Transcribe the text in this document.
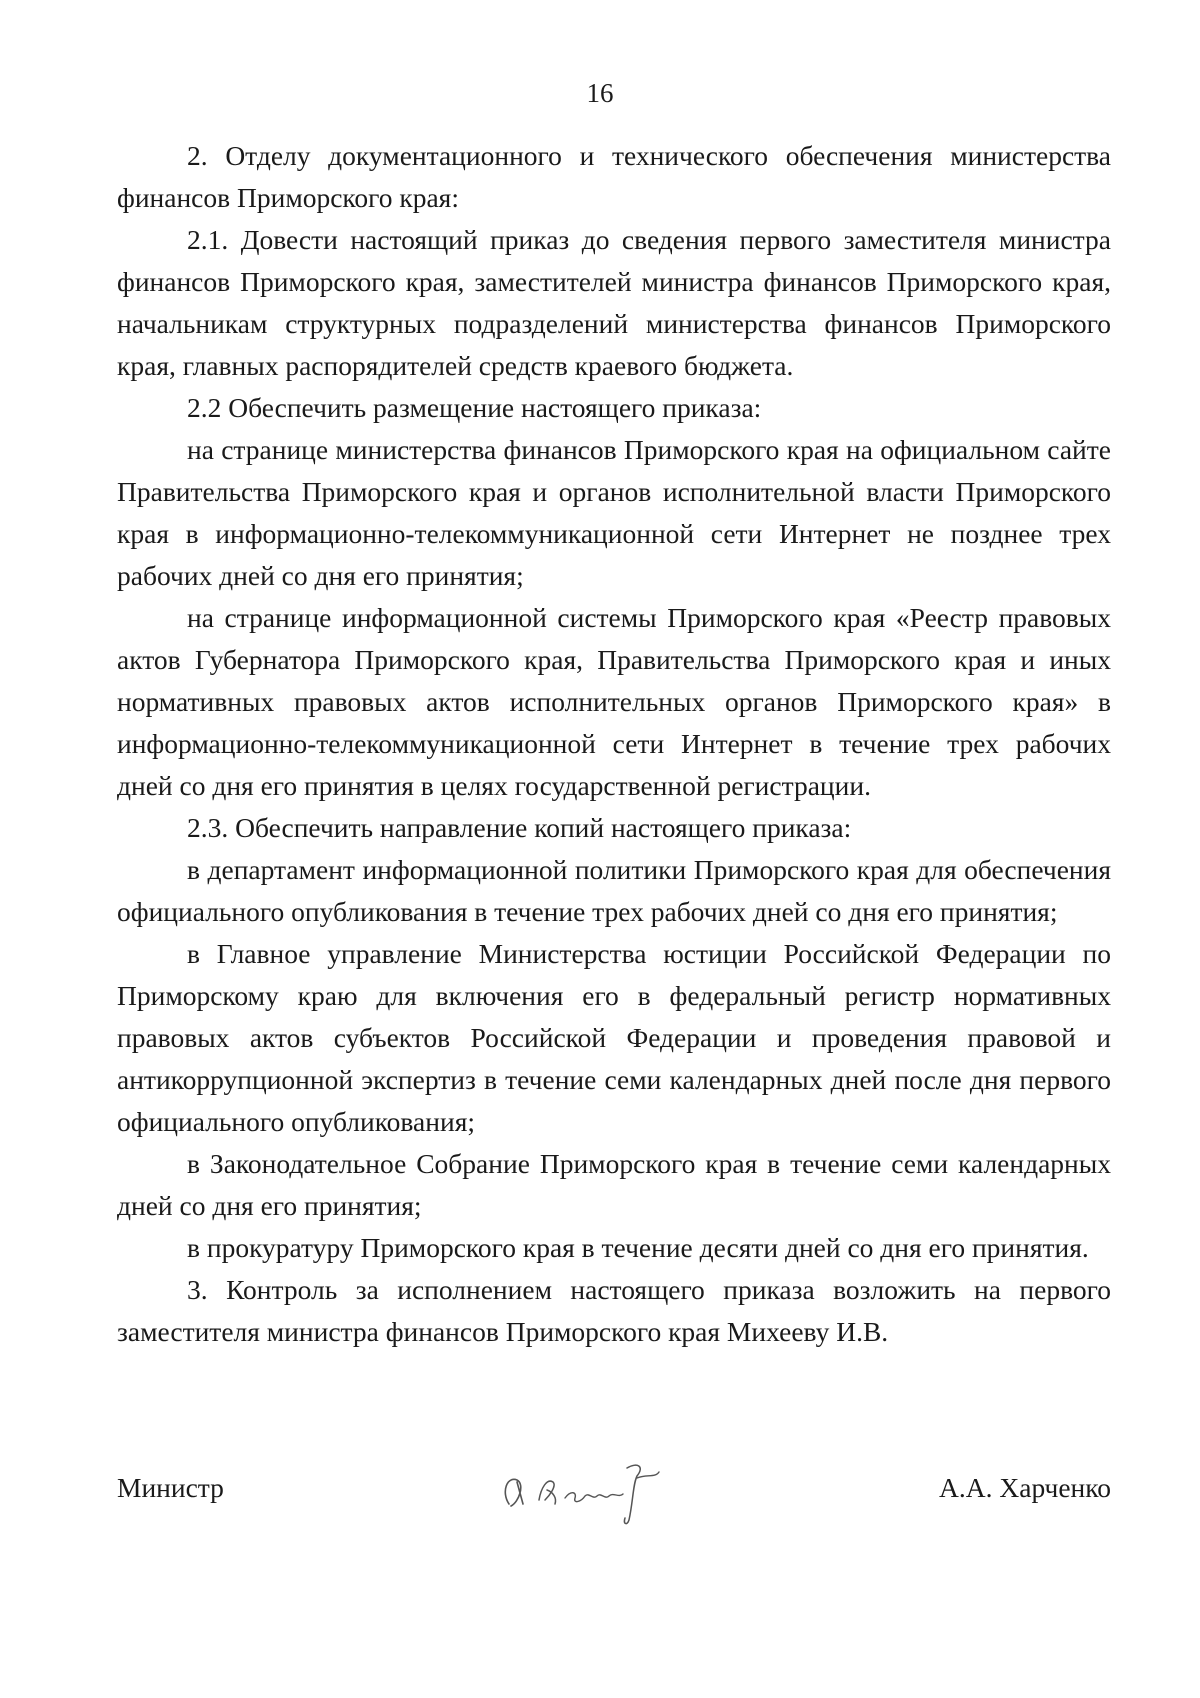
16

2. Отделу документационного и технического обеспечения министерства финансов Приморского края:

2.1. Довести настоящий приказ до сведения первого заместителя министра финансов Приморского края, заместителей министра финансов Приморского края, начальникам структурных подразделений министерства финансов Приморского края, главных распорядителей средств краевого бюджета.

2.2 Обеспечить размещение настоящего приказа:

на странице министерства финансов Приморского края на официальном сайте Правительства Приморского края и органов исполнительной власти Приморского края в информационно-телекоммуникационной сети Интернет не позднее трех рабочих дней со дня его принятия;

на странице информационной системы Приморского края «Реестр правовых актов Губернатора Приморского края, Правительства Приморского края и иных нормативных правовых актов исполнительных органов Приморского края» в информационно-телекоммуникационной сети Интернет в течение трех рабочих дней со дня его принятия в целях государственной регистрации.

2.3. Обеспечить направление копий настоящего приказа:

в департамент информационной политики Приморского края для обеспечения официального опубликования в течение трех рабочих дней со дня его принятия;

в Главное управление Министерства юстиции Российской Федерации по Приморскому краю для включения его в федеральный регистр нормативных правовых актов субъектов Российской Федерации и проведения правовой и антикоррупционной экспертиз в течение семи календарных дней после дня первого официального опубликования;

в Законодательное Собрание Приморского края в течение семи календарных дней со дня его принятия;

в прокуратуру Приморского края в течение десяти дней со дня его принятия.

3. Контроль за исполнением настоящего приказа возложить на первого заместителя министра финансов Приморского края Михееву И.В.

Министр	А.А. Харченко
